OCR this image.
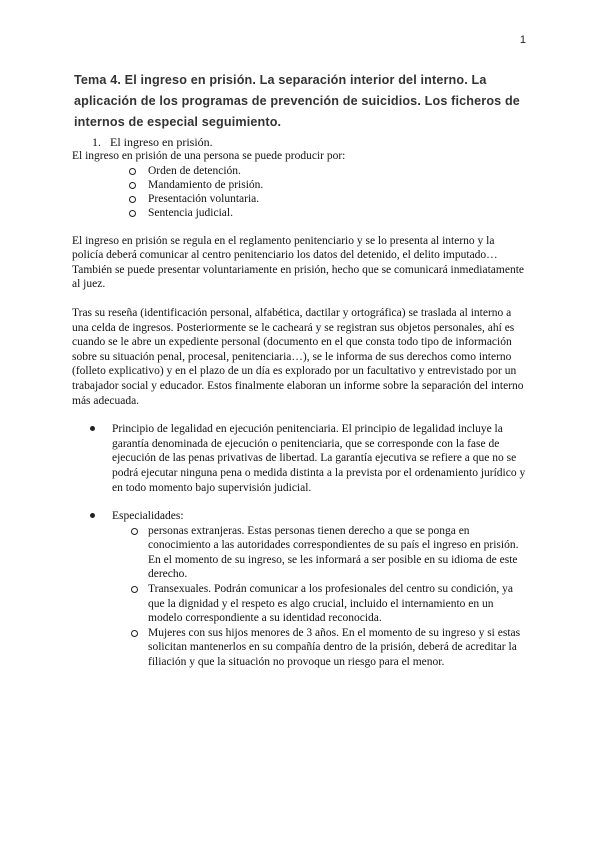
1
Tema 4. El ingreso en prisión. La separación interior del interno. La aplicación de los programas de prevención de suicidios. Los ficheros de internos de especial seguimiento.
1. El ingreso en prisión.

El ingreso en prisión de una persona se puede producir por:

Orden de detención.
Mandamiento de prisión.
Presentación voluntaria.
Sentencia judicial.

El ingreso en prisión se regula en el reglamento penitenciario y se lo presenta al interno y la policía deberá comunicar al centro penitenciario los datos del detenido, el delito imputado… También se puede presentar voluntariamente en prisión, hecho que se comunicará inmediatamente al juez.

Tras su reseña (identificación personal, alfabética, dactilar y ortográfica) se traslada al interno a una celda de ingresos. Posteriormente se le cacheará y se registran sus objetos personales, ahí es cuando se le abre un expediente personal (documento en el que consta todo tipo de información sobre su situación penal, procesal, penitenciaria…), se le informa de sus derechos como interno (folleto explicativo) y en el plazo de un día es explorado por un facultativo y entrevistado por un trabajador social y educador. Estos finalmente elaboran un informe sobre la separación del interno más adecuada.

Principio de legalidad en ejecución penitenciaria. El principio de legalidad incluye la garantía denominada de ejecución o penitenciaria, que se corresponde con la fase de ejecución de las penas privativas de libertad. La garantía ejecutiva se refiere a que no se podrá ejecutar ninguna pena o medida distinta a la prevista por el ordenamiento jurídico y en todo momento bajo supervisión judicial.
Especialidades:
personas extranjeras. Estas personas tienen derecho a que se ponga en conocimiento a las autoridades correspondientes de su país el ingreso en prisión. En el momento de su ingreso, se les informará a ser posible en su idioma de este derecho.
Transexuales. Podrán comunicar a los profesionales del centro su condición, ya que la dignidad y el respeto es algo crucial, incluido el internamiento en un modelo correspondiente a su identidad reconocida.
Mujeres con sus hijos menores de 3 años. En el momento de su ingreso y si estas solicitan mantenerlos en su compañía dentro de la prisión, deberá de acreditar la filiación y que la situación no provoque un riesgo para el menor.
